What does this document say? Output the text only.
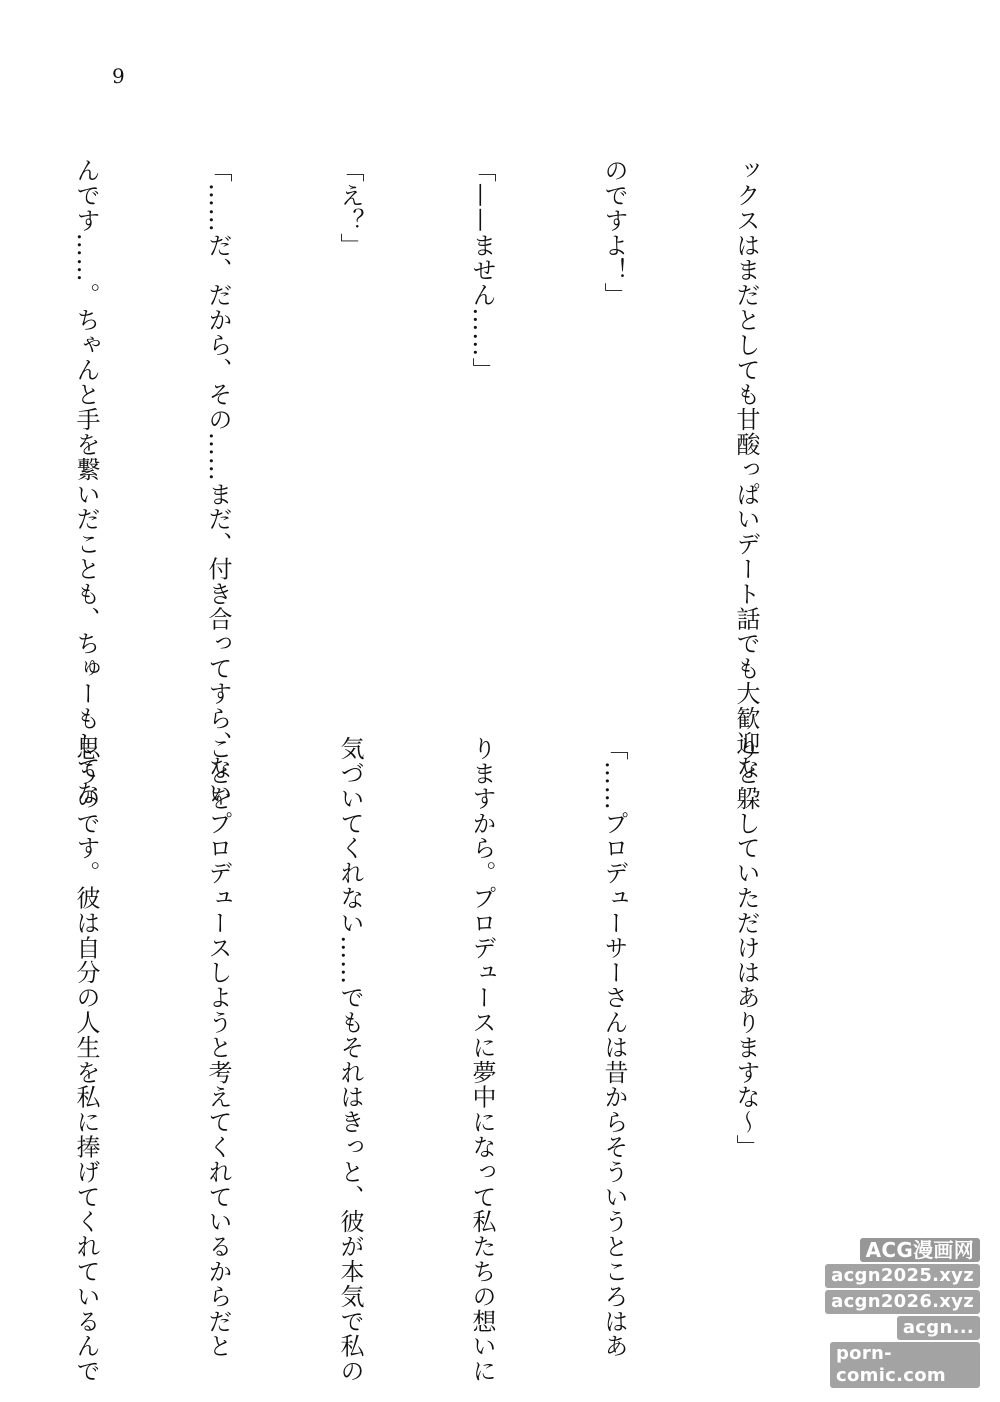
9

ックスはまだとしても甘酸っぱいデート話でも大歓迎な

のですよ！」

「——ません……」

「え？」

「……だ、だから、その……まだ、付き合ってすら、ない

んです……。ちゃんと手を繋いだことも、ちゅーもしてな

りと躱していただけはありますな〜」

「……プロデューサーさんは昔からそういうところはあ

りますから。プロデュースに夢中になって私たちの想いに

気づいてくれない……でもそれはきっと、彼が本気で私の

ことをプロデュースしようと考えてくれているからだと

思うのです。彼は自分の人生を私に捧げてくれているんで

	ACG漫画网
acgn2025.xyz
acgn2026.xyz
acgn...
porn-comic.com
